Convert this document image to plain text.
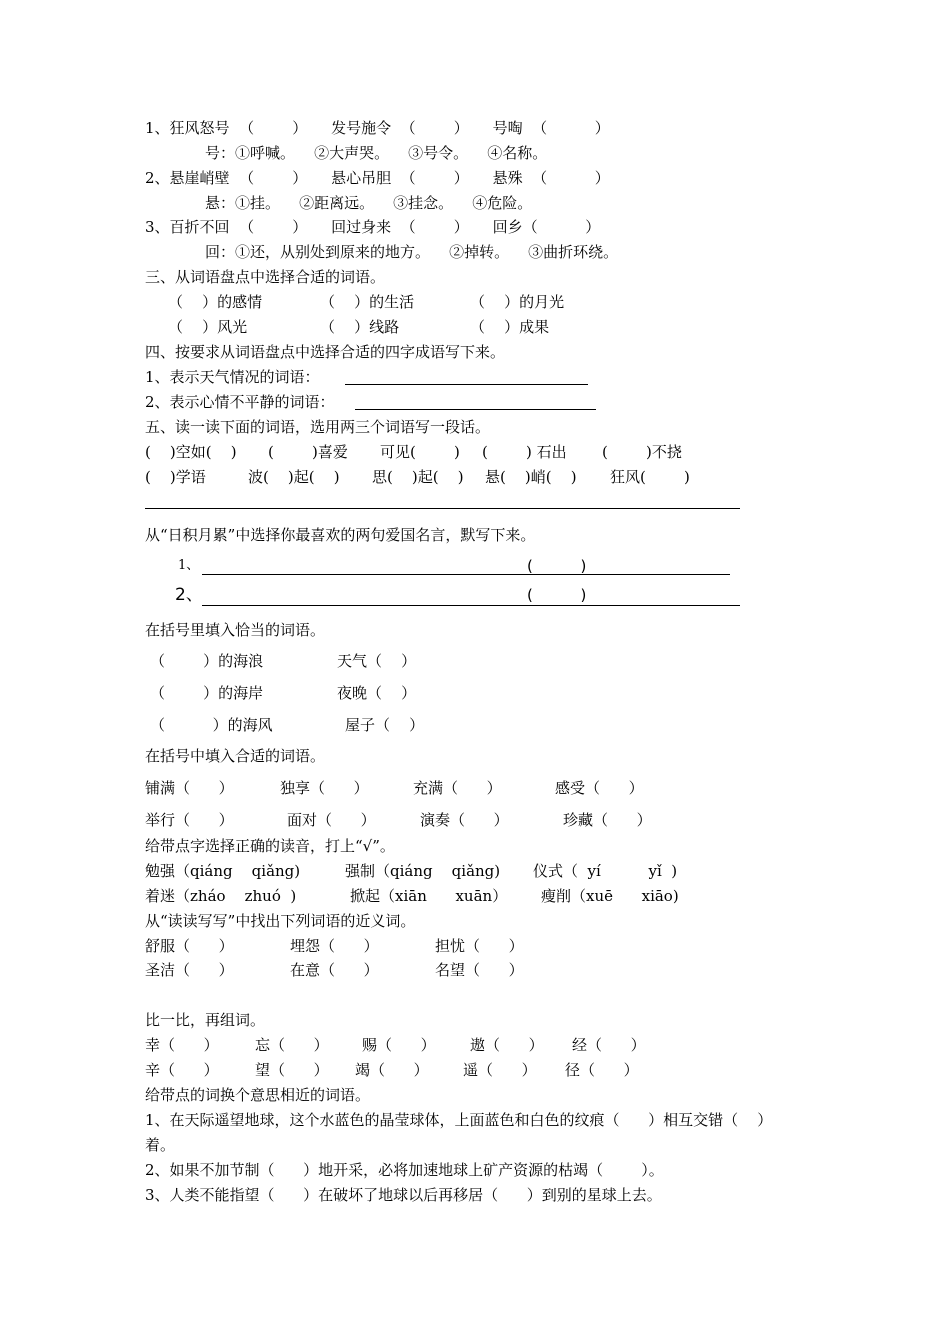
1、狂风怒号  （        ）     发号施令  （        ）     号啕  （          ）
号：①呼喊。    ②大声哭。    ③号令。    ④名称。
2、悬崖峭壁  （        ）     悬心吊胆  （        ）     悬殊  （          ）
悬：①挂。    ②距离远。    ③挂念。    ④危险。
3、百折不回  （        ）     回过身来  （        ）     回乡（          ）
回：①还，从别处到原来的地方。    ②掉转。    ③曲折环绕。
三、从词语盘点中选择合适的词语。
（    ）的感情	（    ）的生活	（    ）的月光
（    ）风光	（    ）线路	（    ）成果
四、按要求从词语盘点中选择合适的四字成语写下来。
1、表示天气情况的词语：
2、表示心情不平静的词语：
五、读一读下面的词语，选用两三个词语写一段话。
(    )空如(    ) (        )喜爱 可见(        ) (        ) 石出 (        )不挠
(    )学语	波(    )起(    ) 思(    )起(    ) 悬(    )峭(    ) 狂风(        )
从“日积月累”中选择你最喜欢的两句爱国名言，默写下来。
1、	(          )
2、	(          )
在括号里填入恰当的词语。
（        ）的海浪	天气（    ）
（        ）的海岸	夜晚（    ）
（          ）的海风	屋子（    ）
在括号中填入合适的词语。
铺满（      ）	独享（      ）	充满（      ）	感受（      ）
举行（      ）	面对（      ）	演奏（      ）	珍藏（      ）
给带点字选择正确的读音，打上“√”。
勉强（qiáng    qiǎng)	强制（qiáng    qiǎng) 仪式（  yí          yǐ  )
着迷（zháo    zhuó  )	掀起（xiān      xuān） 瘦削（xuē      xiāo)
从“读读写写”中找出下列词语的近义词。
舒服（      ）	埋怨（      ）	担忧（      ）
圣洁（      ）	在意（      ）	名望（      ）
比一比，再组词。
幸（      ） 忘（      ） 赐（      ） 遨（      ） 经（      ）
辛（      ） 望（      ） 竭（      ） 遥（      ） 径（      ）
给带点的词换个意思相近的词语。
1、在天际遥望地球，这个水蓝色的晶莹球体，上面蓝色和白色的纹痕（      ）相互交错（    ）
着。
2、如果不加节制（      ）地开采，必将加速地球上矿产资源的枯竭（        ）。
3、人类不能指望（      ）在破坏了地球以后再移居（      ）到别的星球上去。
